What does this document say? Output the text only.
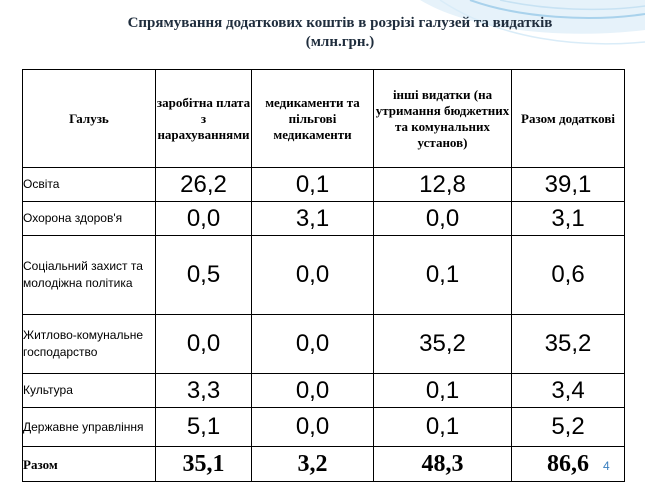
Спрямування додаткових коштів в розрізі галузей та видатків
(млн.грн.)
Галузь	заробітна плата з нарахуваннями	медикаменти та пільгові медикаменти	інші видатки (на утримання бюджетних та комунальних установ)	Разом додаткові
Освіта	26,2	0,1	12,8	39,1
Охорона здоров'я	0,0	3,1	0,0	3,1
Соціальний захист та молодіжна політика	0,5	0,0	0,1	0,6
Житлово-комунальне господарство	0,0	0,0	35,2	35,2
Культура	3,3	0,0	0,1	3,4
Державне управління	5,1	0,0	0,1	5,2
Разом	35,1	3,2	48,3	86,6 4
